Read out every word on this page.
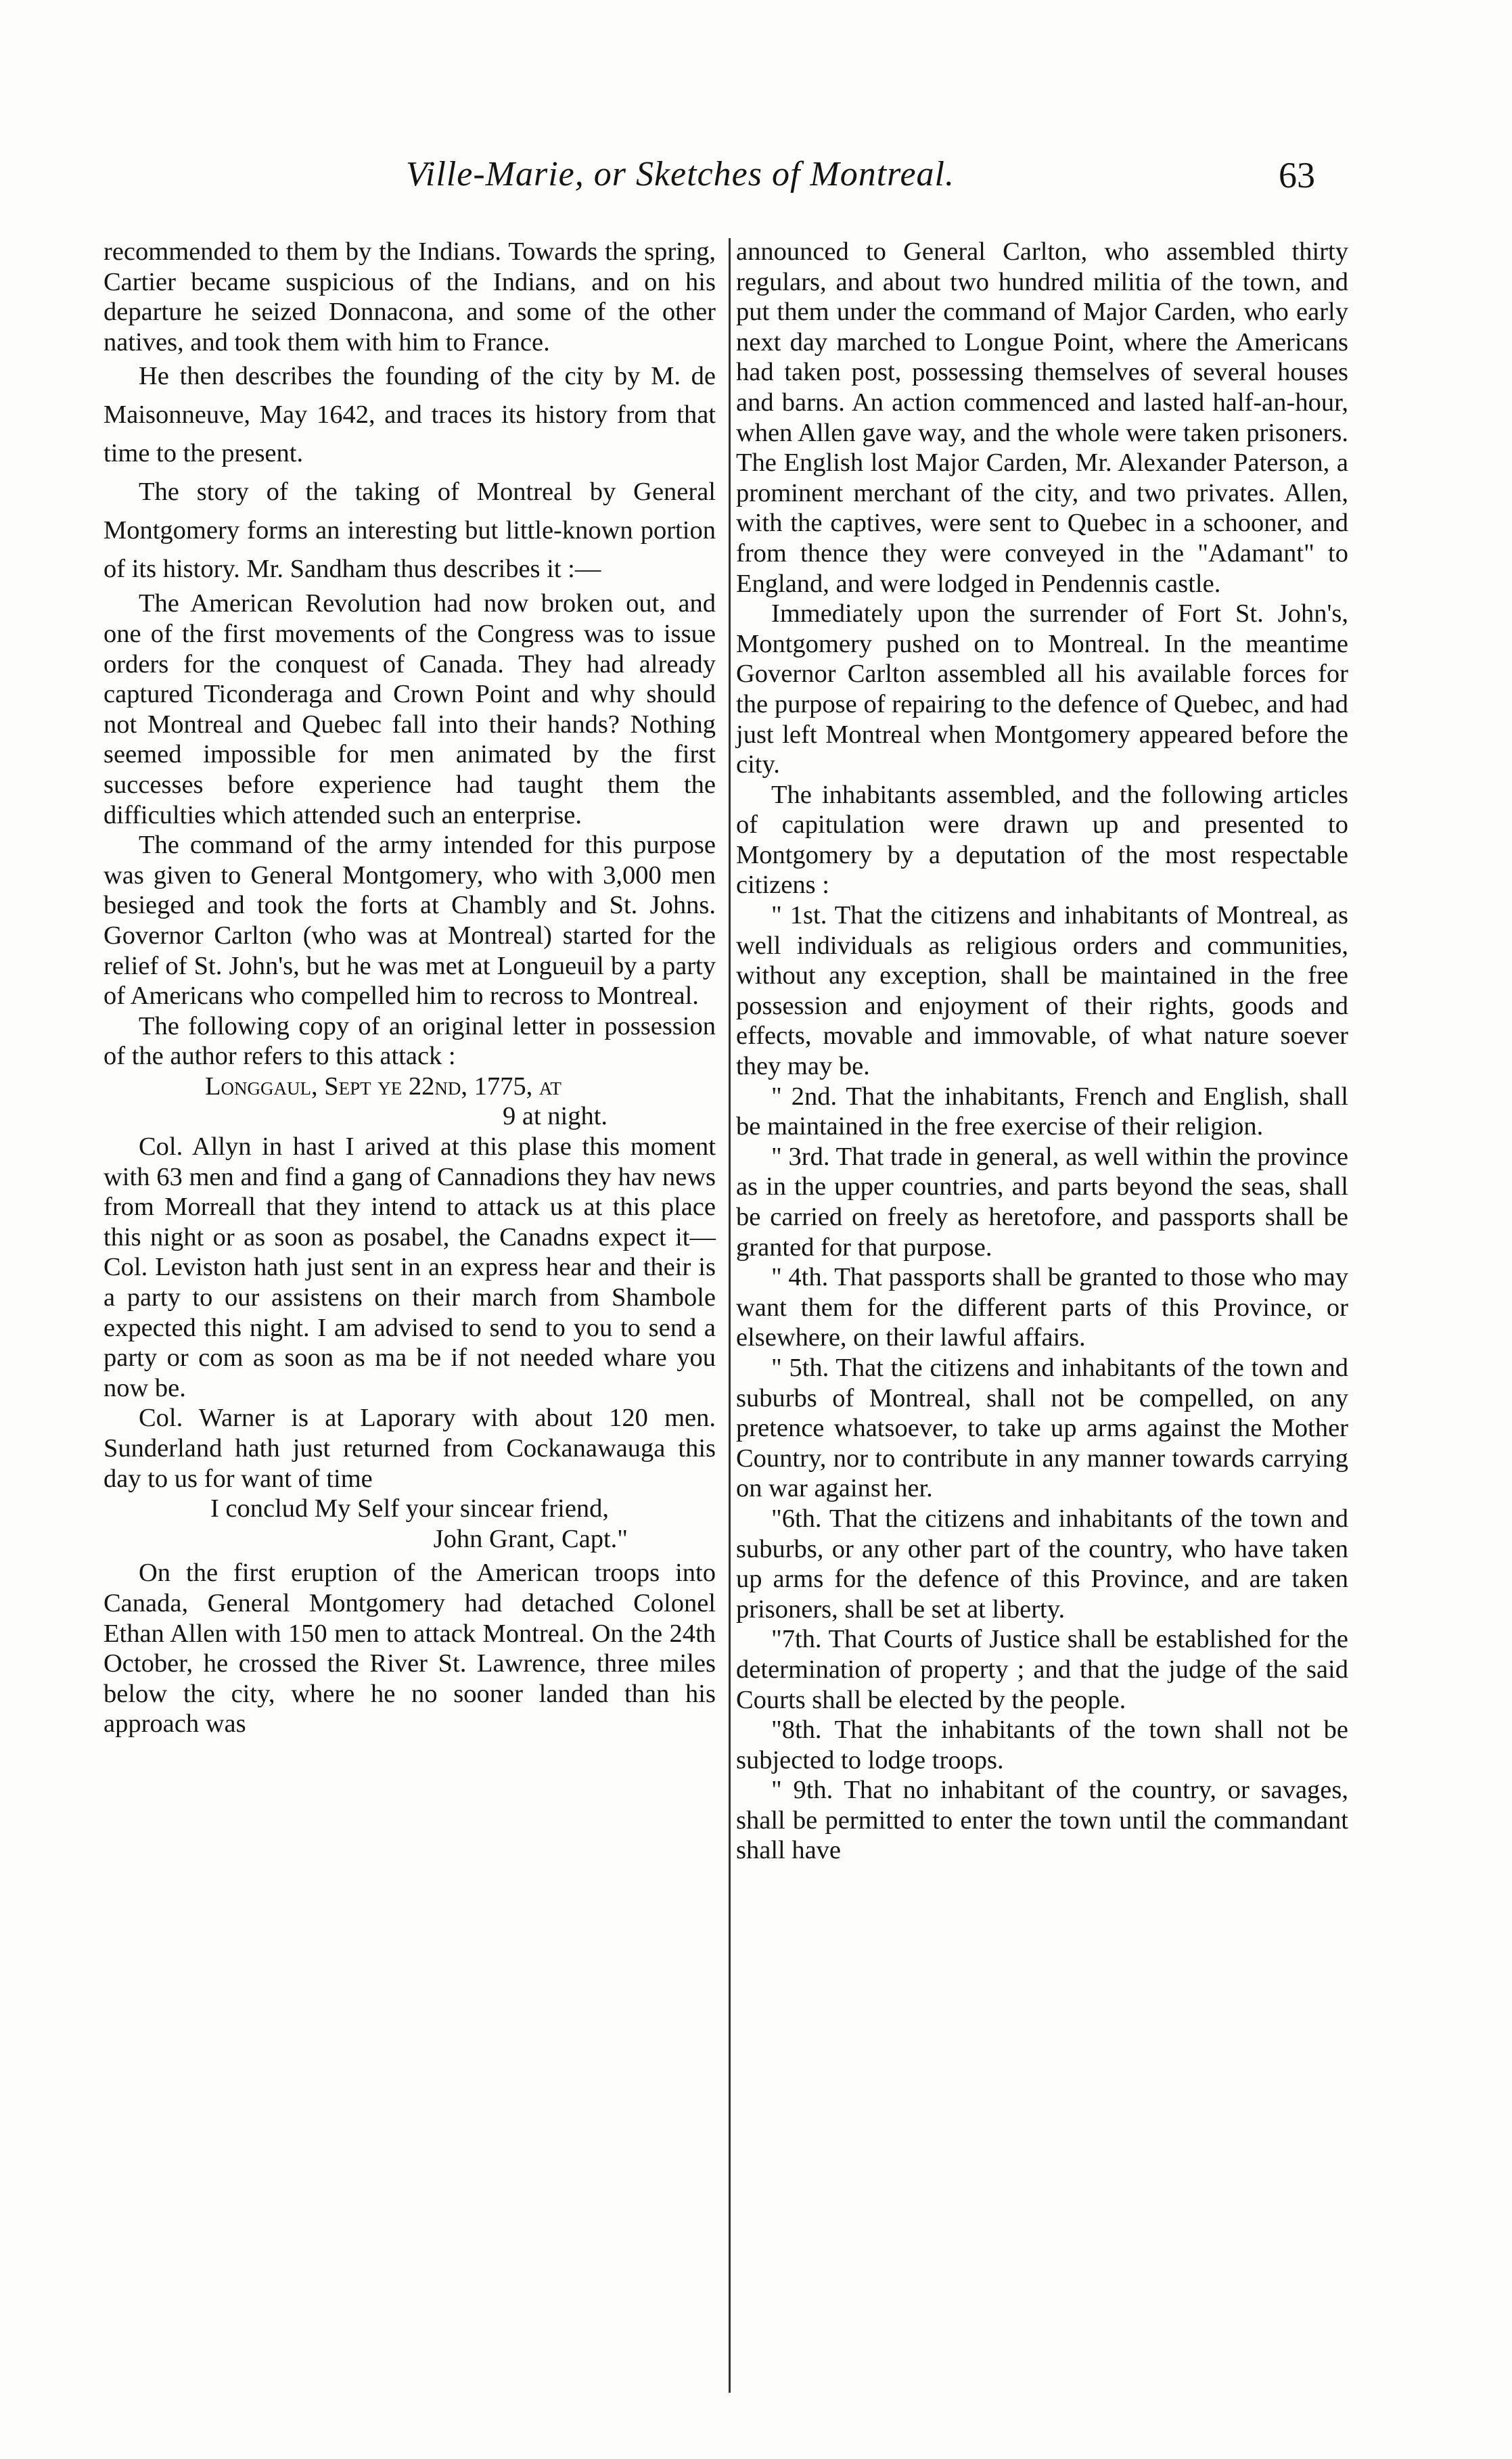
Ville-Marie, or Sketches of Montreal.	63

recommended to them by the Indians. Towards the spring, Cartier became suspicious of the Indians, and on his departure he seized Donnacona, and some of the other natives, and took them with him to France.

He then describes the founding of the city by M. de Maisonneuve, May 1642, and traces its history from that time to the present.

The story of the taking of Montreal by General Montgomery forms an interesting but little-known portion of its history. Mr. Sandham thus describes it :—

The American Revolution had now broken out, and one of the first movements of the Congress was to issue orders for the conquest of Canada. They had already captured Ticonderaga and Crown Point and why should not Montreal and Quebec fall into their hands? Nothing seemed impossible for men animated by the first successes before experience had taught them the difficulties which attended such an enterprise.

The command of the army intended for this purpose was given to General Montgomery, who with 3,000 men besieged and took the forts at Chambly and St. Johns. Governor Carlton (who was at Montreal) started for the relief of St. John's, but he was met at Longueuil by a party of Americans who compelled him to recross to Montreal.

The following copy of an original letter in possession of the author refers to this attack :

Longgaul, Sept ye 22nd, 1775, at

9 at night.

Col. Allyn in hast I arived at this plase this moment with 63 men and find a gang of Cannadions they hav news from Morreall that they intend to attack us at this place this night or as soon as posabel, the Canadns expect it—Col. Leviston hath just sent in an express hear and their is a party to our assistens on their march from Shambole expected this night. I am advised to send to you to send a party or com as soon as ma be if not needed whare you now be.

Col. Warner is at Laporary with about 120 men. Sunderland hath just returned from Cockanawauga this day to us for want of time

I conclud My Self your sincear friend,

John Grant, Capt."

On the first eruption of the American troops into Canada, General Montgomery had detached Colonel Ethan Allen with 150 men to attack Montreal. On the 24th October, he crossed the River St. Lawrence, three miles below the city, where he no sooner landed than his approach was

announced to General Carlton, who assembled thirty regulars, and about two hundred militia of the town, and put them under the command of Major Carden, who early next day marched to Longue Point, where the Americans had taken post, possessing themselves of several houses and barns. An action commenced and lasted half-an-hour, when Allen gave way, and the whole were taken prisoners. The English lost Major Carden, Mr. Alexander Paterson, a prominent merchant of the city, and two privates. Allen, with the captives, were sent to Quebec in a schooner, and from thence they were conveyed in the "Adamant" to England, and were lodged in Pendennis castle.

Immediately upon the surrender of Fort St. John's, Montgomery pushed on to Montreal. In the meantime Governor Carlton assembled all his available forces for the purpose of repairing to the defence of Quebec, and had just left Montreal when Montgomery appeared before the city.

The inhabitants assembled, and the following articles of capitulation were drawn up and presented to Montgomery by a deputation of the most respectable citizens :

" 1st. That the citizens and inhabitants of Montreal, as well individuals as religious orders and communities, without any exception, shall be maintained in the free possession and enjoyment of their rights, goods and effects, movable and immovable, of what nature soever they may be.

" 2nd. That the inhabitants, French and English, shall be maintained in the free exercise of their religion.

" 3rd. That trade in general, as well within the province as in the upper countries, and parts beyond the seas, shall be carried on freely as heretofore, and passports shall be granted for that purpose.

" 4th. That passports shall be granted to those who may want them for the different parts of this Province, or elsewhere, on their lawful affairs.

" 5th. That the citizens and inhabitants of the town and suburbs of Montreal, shall not be compelled, on any pretence whatsoever, to take up arms against the Mother Country, nor to contribute in any manner towards carrying on war against her.

"6th. That the citizens and inhabitants of the town and suburbs, or any other part of the country, who have taken up arms for the defence of this Province, and are taken prisoners, shall be set at liberty.

"7th. That Courts of Justice shall be established for the determination of property ; and that the judge of the said Courts shall be elected by the people.

"8th. That the inhabitants of the town shall not be subjected to lodge troops.

" 9th. That no inhabitant of the country, or savages, shall be permitted to enter the town until the commandant shall have
